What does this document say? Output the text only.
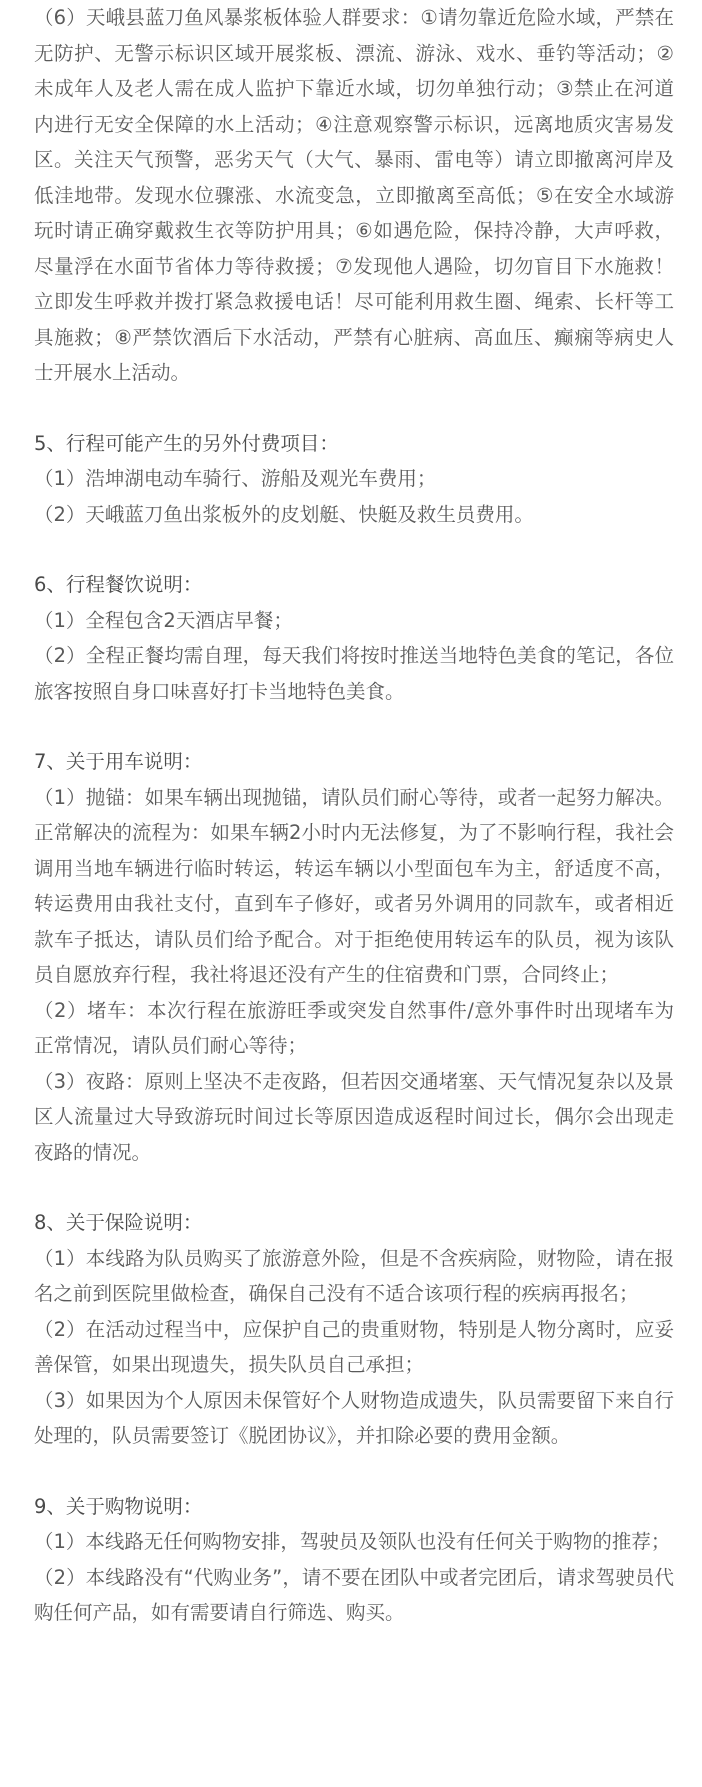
（6）天峨县蓝刀鱼风暴浆板体验人群要求：①请勿靠近危险水域，严禁在无防护、无警示标识区域开展浆板、漂流、游泳、戏水、垂钓等活动；②未成年人及老人需在成人监护下靠近水域，切勿单独行动；③禁止在河道内进行无安全保障的水上活动；④注意观察警示标识，远离地质灾害易发区。关注天气预警，恶劣天气（大气、暴雨、雷电等）请立即撤离河岸及低洼地带。发现水位骤涨、水流变急，立即撤离至高低；⑤在安全水域游玩时请正确穿戴救生衣等防护用具；⑥如遇危险，保持冷静，大声呼救，尽量浮在水面节省体力等待救援；⑦发现他人遇险，切勿盲目下水施救！立即发生呼救并拨打紧急救援电话！尽可能利用救生圈、绳索、长杆等工具施救；⑧严禁饮酒后下水活动，严禁有心脏病、高血压、癫痫等病史人士开展水上活动。

5、行程可能产生的另外付费项目：

（1）浩坤湖电动车骑行、游船及观光车费用；

（2）天峨蓝刀鱼出浆板外的皮划艇、快艇及救生员费用。

6、行程餐饮说明：

（1）全程包含2天酒店早餐；

（2）全程正餐均需自理，每天我们将按时推送当地特色美食的笔记，各位旅客按照自身口味喜好打卡当地特色美食。

7、关于用车说明：

（1）抛锚：如果车辆出现抛锚，请队员们耐心等待，或者一起努力解决。正常解决的流程为：如果车辆2小时内无法修复，为了不影响行程，我社会调用当地车辆进行临时转运，转运车辆以小型面包车为主，舒适度不高，转运费用由我社支付，直到车子修好，或者另外调用的同款车，或者相近款车子抵达，请队员们给予配合。对于拒绝使用转运车的队员，视为该队员自愿放弃行程，我社将退还没有产生的住宿费和门票，合同终止；

（2）堵车：本次行程在旅游旺季或突发自然事件/意外事件时出现堵车为正常情况，请队员们耐心等待；

（3）夜路：原则上坚决不走夜路，但若因交通堵塞、天气情况复杂以及景区人流量过大导致游玩时间过长等原因造成返程时间过长，偶尔会出现走夜路的情况。

8、关于保险说明：

（1）本线路为队员购买了旅游意外险，但是不含疾病险，财物险，请在报名之前到医院里做检查，确保自己没有不适合该项行程的疾病再报名；

（2）在活动过程当中，应保护自己的贵重财物，特别是人物分离时，应妥善保管，如果出现遗失，损失队员自己承担；

（3）如果因为个人原因未保管好个人财物造成遗失，队员需要留下来自行处理的，队员需要签订《脱团协议》，并扣除必要的费用金额。

9、关于购物说明：

（1）本线路无任何购物安排，驾驶员及领队也没有任何关于购物的推荐；

（2）本线路没有“代购业务”，请不要在团队中或者完团后，请求驾驶员代购任何产品，如有需要请自行筛选、购买。
